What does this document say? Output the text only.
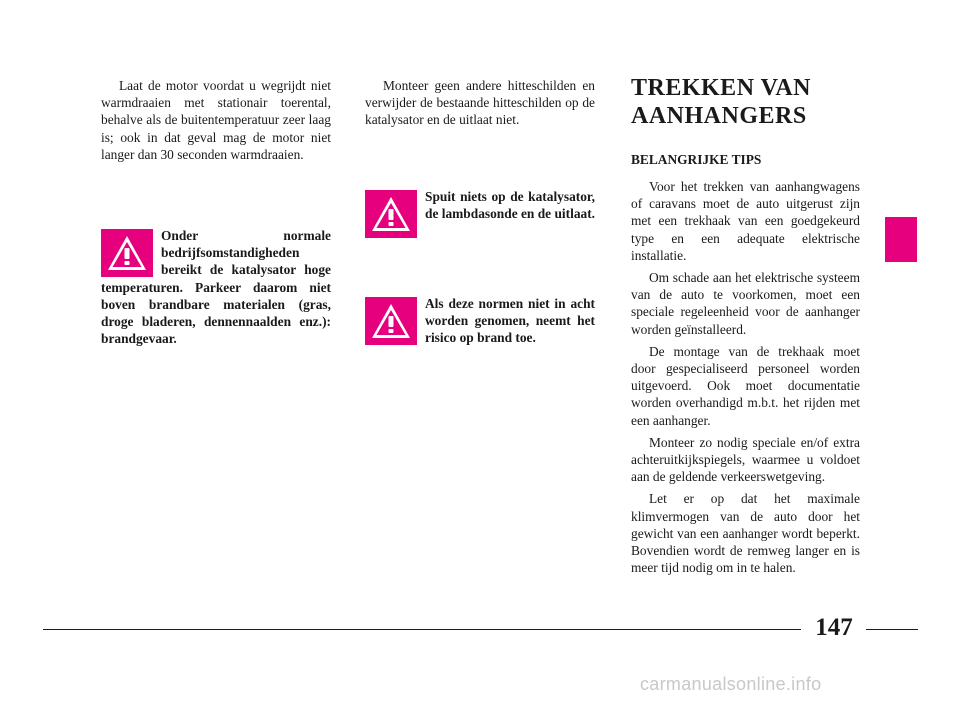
Laat de motor voordat u wegrijdt niet warmdraaien met stationair toerental, behalve als de buitentemperatuur zeer laag is; ook in dat geval mag de motor niet langer dan 30 seconden warmdraaien.

Onder normale bedrijfsomstandigheden bereikt de katalysator hoge temperaturen. Parkeer daarom niet boven brandbare materialen (gras, droge bladeren, dennennaalden enz.): brandgevaar.

Monteer geen andere hitteschilden en verwijder de bestaande hitteschilden op de katalysator en de uitlaat niet.

Spuit niets op de katalysator, de lambdasonde en de uitlaat.

Als deze normen niet in acht worden genomen, neemt het risico op brand toe.

TREKKEN VAN
AANHANGERS
BELANGRIJKE TIPS

Voor het trekken van aanhangwagens of caravans moet de auto uitgerust zijn met een trekhaak van een goedgekeurd type en een adequate elektrische installatie.

Om schade aan het elektrische systeem van de auto te voorkomen, moet een speciale regeleenheid voor de aanhanger worden geïnstalleerd.

De montage van de trekhaak moet door gespecialiseerd personeel worden uitgevoerd. Ook moet documentatie worden overhandigd m.b.t. het rijden met een aanhanger.

Monteer zo nodig speciale en/of extra achteruitkijkspiegels, waarmee u voldoet aan de geldende verkeerswetgeving.

Let er op dat het maximale klimvermogen van de auto door het gewicht van een aanhanger wordt beperkt. Bovendien wordt de remweg langer en is meer tijd nodig om in te halen.

147
carmanualsonline.info
